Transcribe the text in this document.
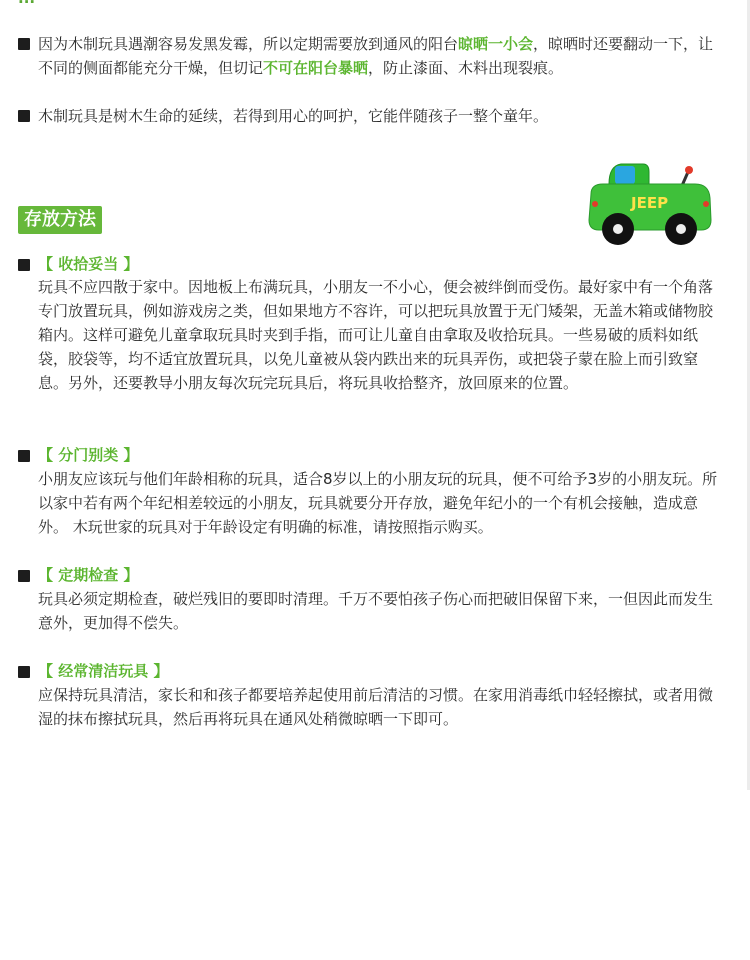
因为木制玩具遇潮容易发黑发霉，所以定期需要放到通风的阳台晾晒一小会，晾晒时还要翻动一下，让不同的侧面都能充分干燥，但切记不可在阳台暴晒，防止漆面、木料出现裂痕。
木制玩具是树木生命的延续，若得到用心的呵护，它能伴随孩子一整个童年。
存放方法
JEEP
【 收拾妥当 】
玩具不应四散于家中。因地板上布满玩具，小朋友一不小心，便会被绊倒而受伤。最好家中有一个角落专门放置玩具，例如游戏房之类，但如果地方不容许，可以把玩具放置于无门矮架，无盖木箱或储物胶箱内。这样可避免儿童拿取玩具时夹到手指，而可让儿童自由拿取及收拾玩具。一些易破的质料如纸袋，胶袋等，均不适宜放置玩具，以免儿童被从袋内跌出来的玩具弄伤，或把袋子蒙在脸上而引致窒息。另外，还要教导小朋友每次玩完玩具后，将玩具收拾整齐，放回原来的位置。
【 分门别类 】
小朋友应该玩与他们年龄相称的玩具，适合8岁以上的小朋友玩的玩具，便不可给予3岁的小朋友玩。所以家中若有两个年纪相差较远的小朋友，玩具就要分开存放，避免年纪小的一个有机会接触，造成意外。 木玩世家的玩具对于年龄设定有明确的标准，请按照指示购买。
【 定期检查 】
玩具必须定期检查，破烂残旧的要即时清理。千万不要怕孩子伤心而把破旧保留下来，一但因此而发生意外，更加得不偿失。
【 经常清洁玩具 】
应保持玩具清洁，家长和和孩子都要培养起使用前后清洁的习惯。在家用消毒纸巾轻轻擦拭，或者用微湿的抹布擦拭玩具，然后再将玩具在通风处稍微晾晒一下即可。
